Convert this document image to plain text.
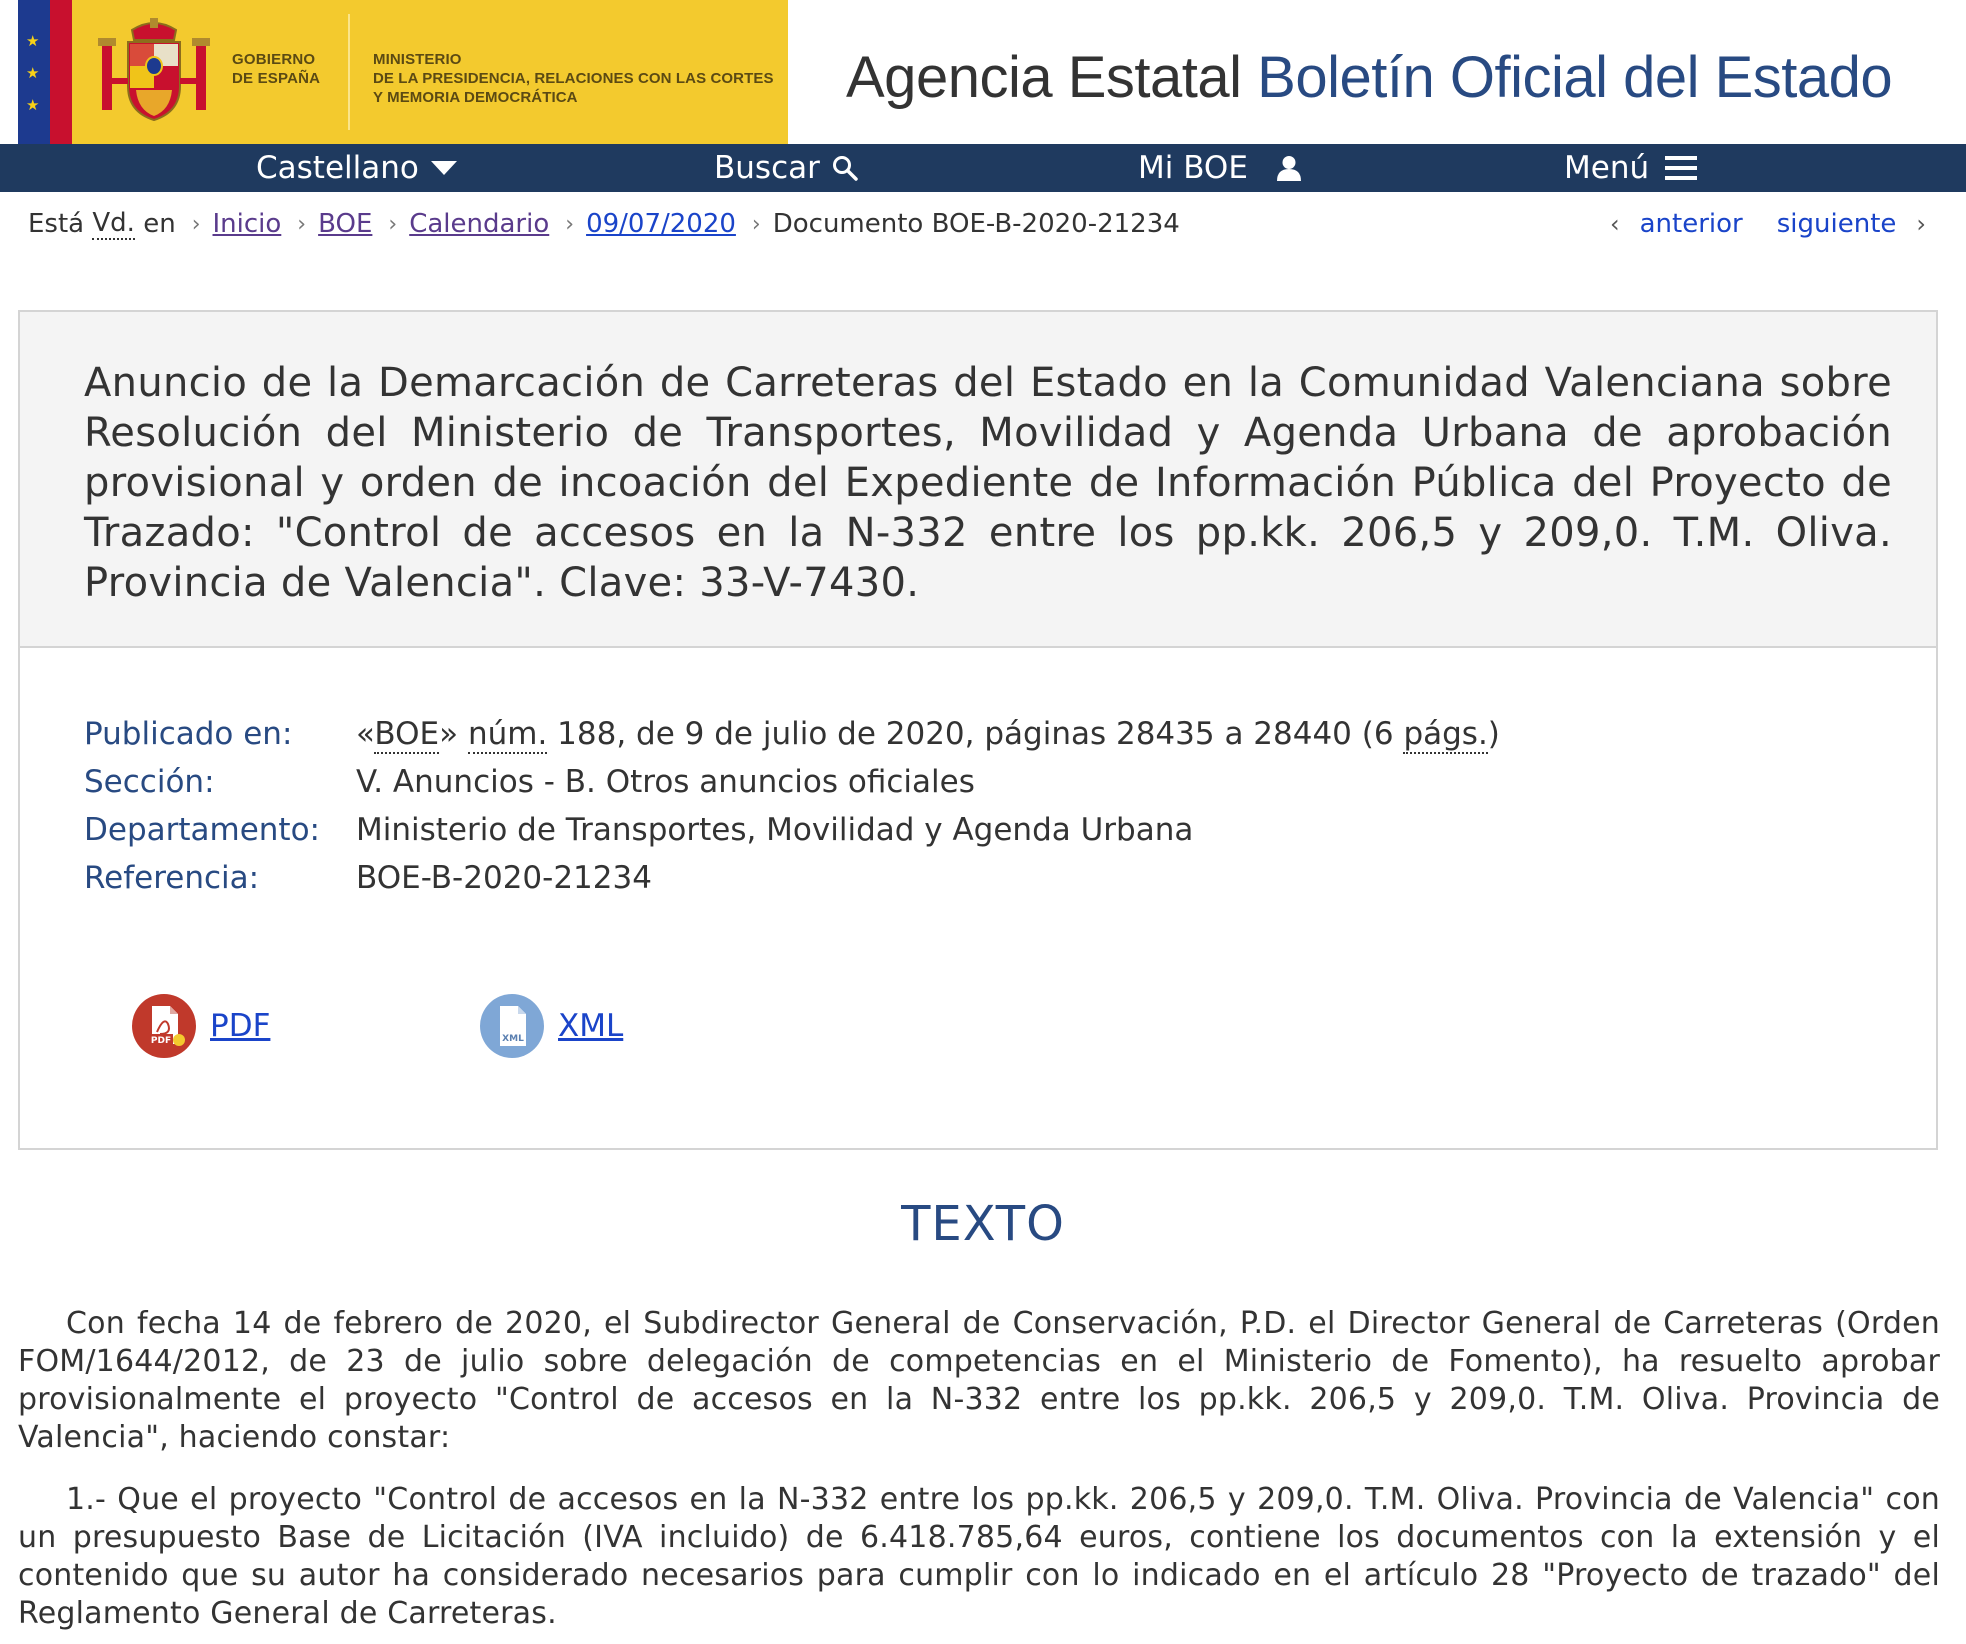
★
★
★
GOBIERNO
DE ESPAÑA
MINISTERIO
DE LA PRESIDENCIA, RELACIONES CON LAS CORTES
Y MEMORIA DEMOCRÁTICA	Agencia Estatal Boletín Oficial del Estado
Castellano	Buscar	Mi BOE	Menú
Está
Vd.
en › Inicio › BOE › Calendario › 09/07/2020 › Documento BOE-B-2020-21234	‹ anterior siguiente ›
Anuncio de la Demarcación de Carreteras del Estado en la Comunidad Valenciana sobre Resolución del Ministerio de Transportes, Movilidad y Agenda Urbana de aprobación provisional y orden de incoación del Expediente de Información Pública del Proyecto de Trazado: "Control de accesos en la N-332 entre los pp.kk. 206,5 y 209,0. T.M. Oliva. Provincia de Valencia". Clave: 33-V-7430.
Publicado en:	«BOE» núm. 188, de 9 de julio de 2020, páginas 28435 a 28440 (6 págs.)
Sección:	V. Anuncios - B. Otros anuncios oficiales
Departamento:	Ministerio de Transportes, Movilidad y Agenda Urbana
Referencia:	BOE-B-2020-21234
PDF PDF	XML XML
TEXTO

Con fecha 14 de febrero de 2020, el Subdirector General de Conservación, P.D. el Director General de Carreteras (Orden FOM/1644/2012, de 23 de julio sobre delegación de competencias en el Ministerio de Fomento), ha resuelto aprobar provisionalmente el proyecto "Control de accesos en la N-332 entre los pp.kk. 206,5 y 209,0. T.M. Oliva. Provincia de Valencia", haciendo constar:

1.- Que el proyecto "Control de accesos en la N-332 entre los pp.kk. 206,5 y 209,0. T.M. Oliva. Provincia de Valencia" con un presupuesto Base de Licitación (IVA incluido) de 6.418.785,64 euros, contiene los documentos con la extensión y el contenido que su autor ha considerado necesarios para cumplir con lo indicado en el artículo 28 "Proyecto de trazado" del Reglamento General de Carreteras.
